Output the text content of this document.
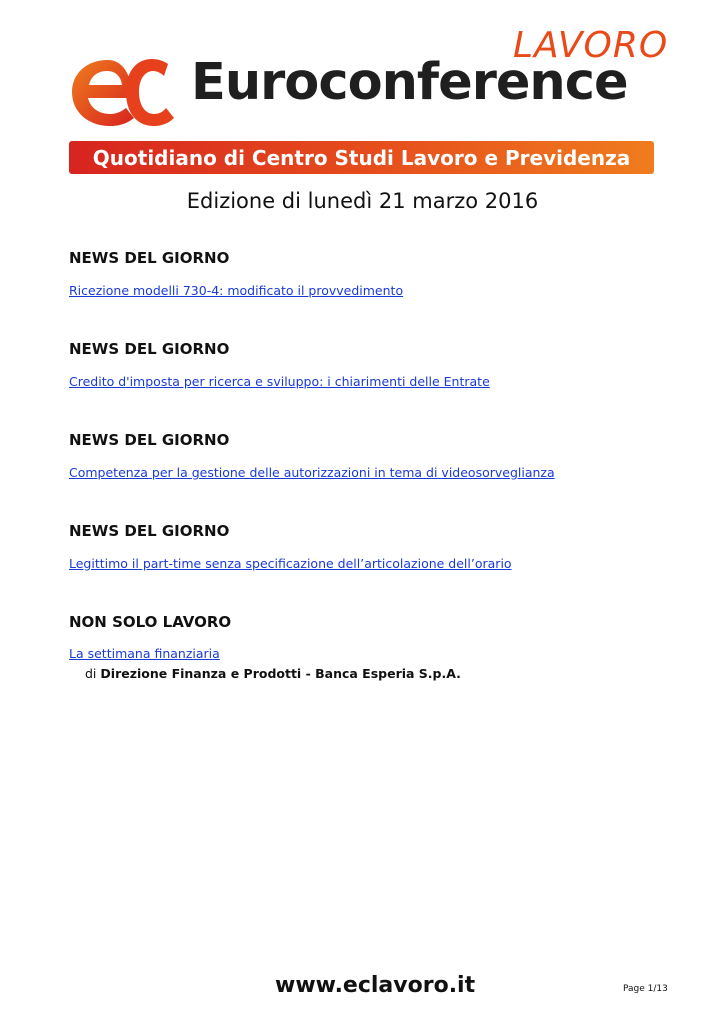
LAVORO
Euroconference
Quotidiano di Centro Studi Lavoro e Previdenza
Edizione di lunedì 21 marzo 2016
NEWS DEL GIORNO
Ricezione modelli 730-4: modificato il provvedimento
NEWS DEL GIORNO
Credito d'imposta per ricerca e sviluppo: i chiarimenti delle Entrate
NEWS DEL GIORNO
Competenza per la gestione delle autorizzazioni in tema di videosorveglianza
NEWS DEL GIORNO
Legittimo il part-time senza specificazione dell’articolazione dell’orario
NON SOLO LAVORO
La settimana finanziaria
di Direzione Finanza e Prodotti - Banca Esperia S.p.A.
www.eclavoro.it	Page 1/13
